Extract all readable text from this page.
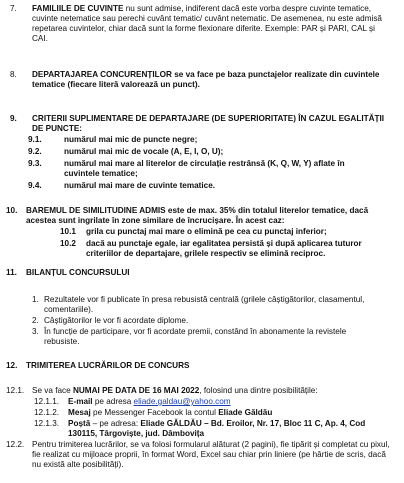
7. FAMILIILE DE CUVINTE nu sunt admise, indiferent dacă este vorba despre cuvinte tematice, cuvinte netematice sau perechi cuvânt tematic/ cuvânt netematic. De asemenea, nu este admisă repetarea cuvintelor, chiar dacă sunt la forme flexionare diferite. Exemple: PAR și PARI, CAL și CAI.

8. DEPARTAJAREA CONCURENȚILOR se va face pe baza punctajelor realizate din cuvintele tematice (fiecare literă valorează un punct).

9. CRITERII SUPLIMENTARE DE DEPARTAJARE (DE SUPERIORITATE) ÎN CAZUL EGALITĂȚII DE PUNCTE:

9.1.	numărul mai mic de puncte negre;

9.2.	numărul mai mic de vocale (A, E, I, O, U);

9.3.	numărul mai mare al literelor de circulație restrânsă (K, Q, W, Y) aflate în cuvintele tematice;

9.4.	numărul mai mare de cuvinte tematice.

10. BAREMUL DE SIMILITUDINE ADMIS este de max. 35% din totalul literelor tematice, dacă acestea sunt ingrilate în zone similare de încrucișare. În acest caz:

10.1 grila cu punctaj mai mare o elimină pe cea cu punctaj inferior;

10.2 dacă au punctaje egale, iar egalitatea persistă și după aplicarea tuturor criteriilor de departajare, grilele respectiv se elimină reciproc.

11. BILANȚUL CONCURSULUI

1. Rezultatele vor fi publicate în presa rebusistă centrală (grilele câștigătorilor, clasamentul, comentariile).

2. Câștigătorilor le vor fi acordate diplome.

3. În funcție de participare, vor fi acordate premii, constând în abonamente la revistele rebusiste.

12. TRIMITEREA LUCRĂRILOR DE CONCURS

12.1. Se va face NUMAI PE DATA DE 16 MAI 2022, folosind una dintre posibilitățile:

12.1.1. E-mail pe adresa eliade.galdau@yahoo.com

12.1.2. Mesaj pe Messenger Facebook la contul Eliade Găldău

12.1.3. Poștă – pe adresa: Eliade GĂLDĂU – Bd. Eroilor, Nr. 17, Bloc 11 C, Ap. 4, Cod 130115, Târgoviște, jud. Dâmbovița

12.2. Pentru trimiterea lucrărilor, se va folosi formularul alăturat (2 pagini), fie tipărit și completat cu pixul, fie realizat cu mijloace proprii, în format Word, Excel sau chiar prin liniere (pe hârtie de scris, dacă nu există alte posibilități).
